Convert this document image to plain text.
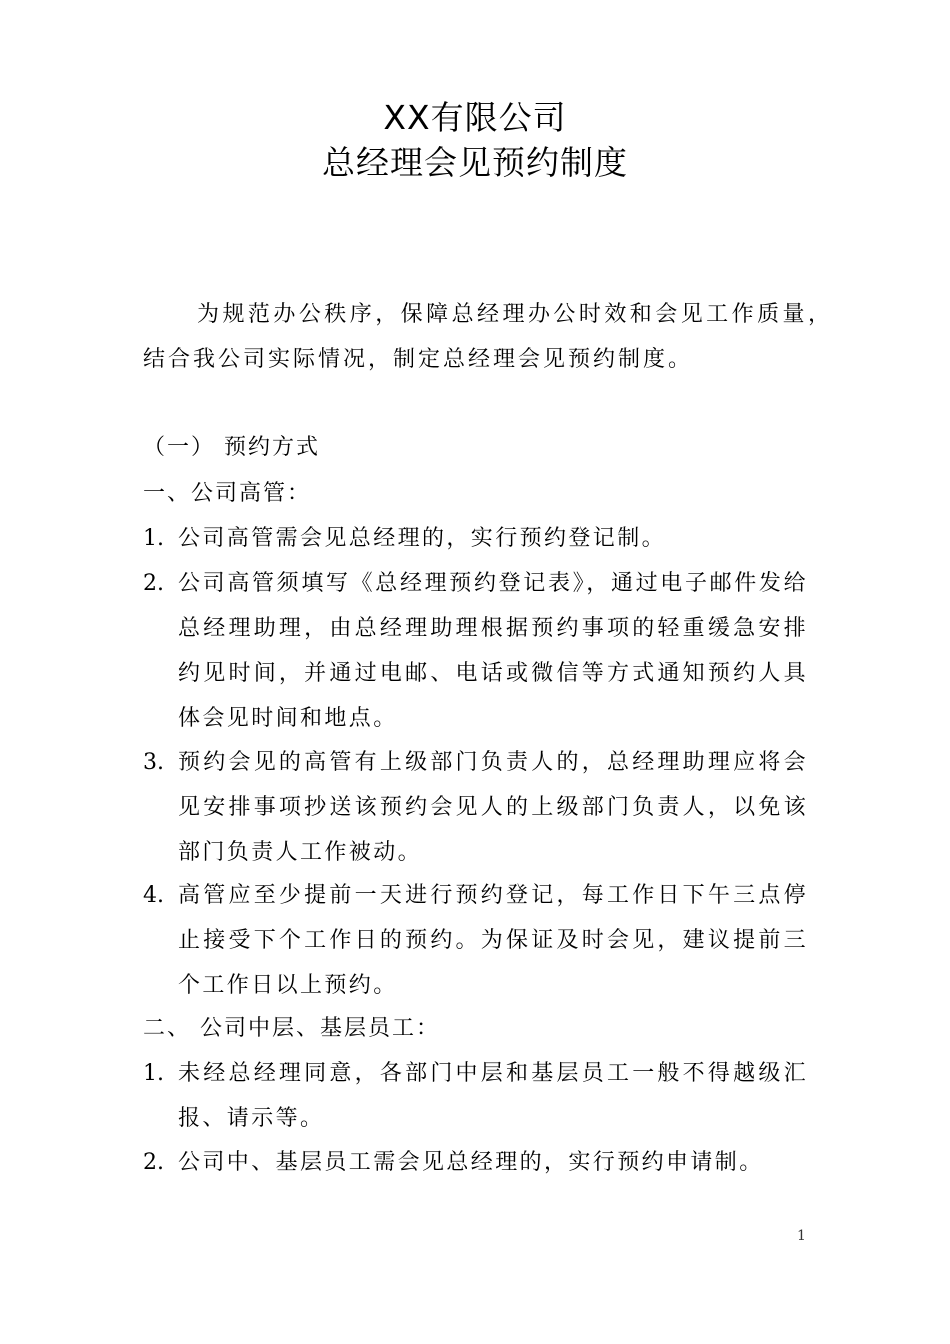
XX有限公司
总经理会见预约制度
为规范办公秩序，保障总经理办公时效和会见工作质量，结合我公司实际情况，制定总经理会见预约制度。
（一） 预约方式
一、公司高管：
1. 公司高管需会见总经理的，实行预约登记制。
2. 公司高管须填写《总经理预约登记表》，通过电子邮件发给总经理助理，由总经理助理根据预约事项的轻重缓急安排约见时间，并通过电邮、电话或微信等方式通知预约人具体会见时间和地点。
3. 预约会见的高管有上级部门负责人的，总经理助理应将会见安排事项抄送该预约会见人的上级部门负责人，以免该部门负责人工作被动。
4. 高管应至少提前一天进行预约登记，每工作日下午三点停止接受下个工作日的预约。为保证及时会见，建议提前三个工作日以上预约。
二、 公司中层、基层员工：
1. 未经总经理同意，各部门中层和基层员工一般不得越级汇报、请示等。
2. 公司中、基层员工需会见总经理的，实行预约申请制。
1
